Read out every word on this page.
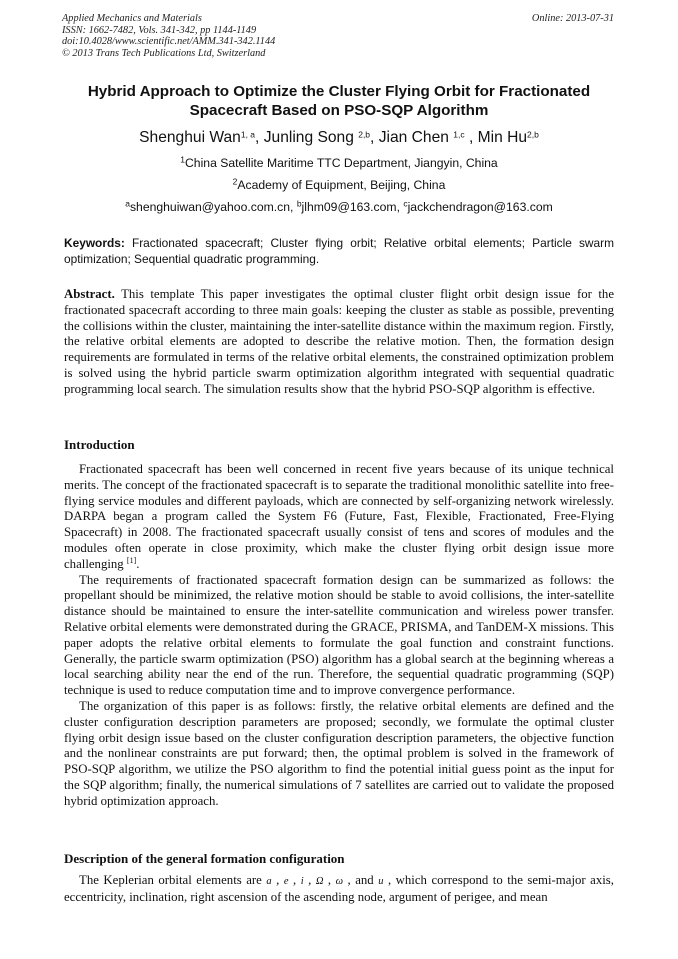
Applied Mechanics and Materials
ISSN: 1662-7482, Vols. 341-342, pp 1144-1149
doi:10.4028/www.scientific.net/AMM.341-342.1144
© 2013 Trans Tech Publications Ltd, Switzerland
Online: 2013-07-31
Hybrid Approach to Optimize the Cluster Flying Orbit for Fractionated
Spacecraft Based on PSO-SQP Algorithm
Shenghui Wan$^{1, a}$, Junling Song $^{2,b}$, Jian Chen $^{1,c}$ , Min Hu$^{2,b}$
$^1$China Satellite Maritime TTC Department, Jiangyin, China
$^2$Academy of Equipment, Beijing, China
$^a$shenghuiwan@yahoo.com.cn, $^b$jlhm09@163.com, $^c$jackchendragon@163.com
Keywords: Fractionated spacecraft; Cluster flying orbit; Relative orbital elements; Particle swarm optimization; Sequential quadratic programming.
Abstract. This template This paper investigates the optimal cluster flight orbit design issue for the fractionated spacecraft according to three main goals: keeping the cluster as stable as possible, preventing the collisions within the cluster, maintaining the inter-satellite distance within the maximum region. Firstly, the relative orbital elements are adopted to describe the relative motion. Then, the formation design requirements are formulated in terms of the relative orbital elements, the constrained optimization problem is solved using the hybrid particle swarm optimization algorithm integrated with sequential quadratic programming local search. The simulation results show that the hybrid PSO-SQP algorithm is effective.
Introduction

Fractionated spacecraft has been well concerned in recent five years because of its unique technical merits. The concept of the fractionated spacecraft is to separate the traditional monolithic satellite into free-flying service modules and different payloads, which are connected by self-organizing network wirelessly. DARPA began a program called the System F6 (Future, Fast, Flexible, Fractionated, Free-Flying Spacecraft) in 2008. The fractionated spacecraft usually consist of tens and scores of modules and the modules often operate in close proximity, which make the cluster flying orbit design issue more challenging [1].

The requirements of fractionated spacecraft formation design can be summarized as follows: the propellant should be minimized, the relative motion should be stable to avoid collisions, the inter-satellite distance should be maintained to ensure the inter-satellite communication and wireless power transfer. Relative orbital elements were demonstrated during the GRACE, PRISMA, and TanDEM-X missions. This paper adopts the relative orbital elements to formulate the goal function and constraint functions. Generally, the particle swarm optimization (PSO) algorithm has a global search at the beginning whereas a local searching ability near the end of the run. Therefore, the sequential quadratic programming (SQP) technique is used to reduce computation time and to improve convergence performance.

The organization of this paper is as follows: firstly, the relative orbital elements are defined and the cluster configuration description parameters are proposed; secondly, we formulate the optimal cluster flying orbit design issue based on the cluster configuration description parameters, the objective function and the nonlinear constraints are put forward; then, the optimal problem is solved in the framework of PSO-SQP algorithm, we utilize the PSO algorithm to find the potential initial guess point as the input for the SQP algorithm; finally, the numerical simulations of 7 satellites are carried out to validate the proposed hybrid optimization approach.

Description of the general formation configuration

The Keplerian orbital elements are a , e , i , Ω , ω , and u , which correspond to the semi-major axis, eccentricity, inclination, right ascension of the ascending node, argument of perigee, and mean
